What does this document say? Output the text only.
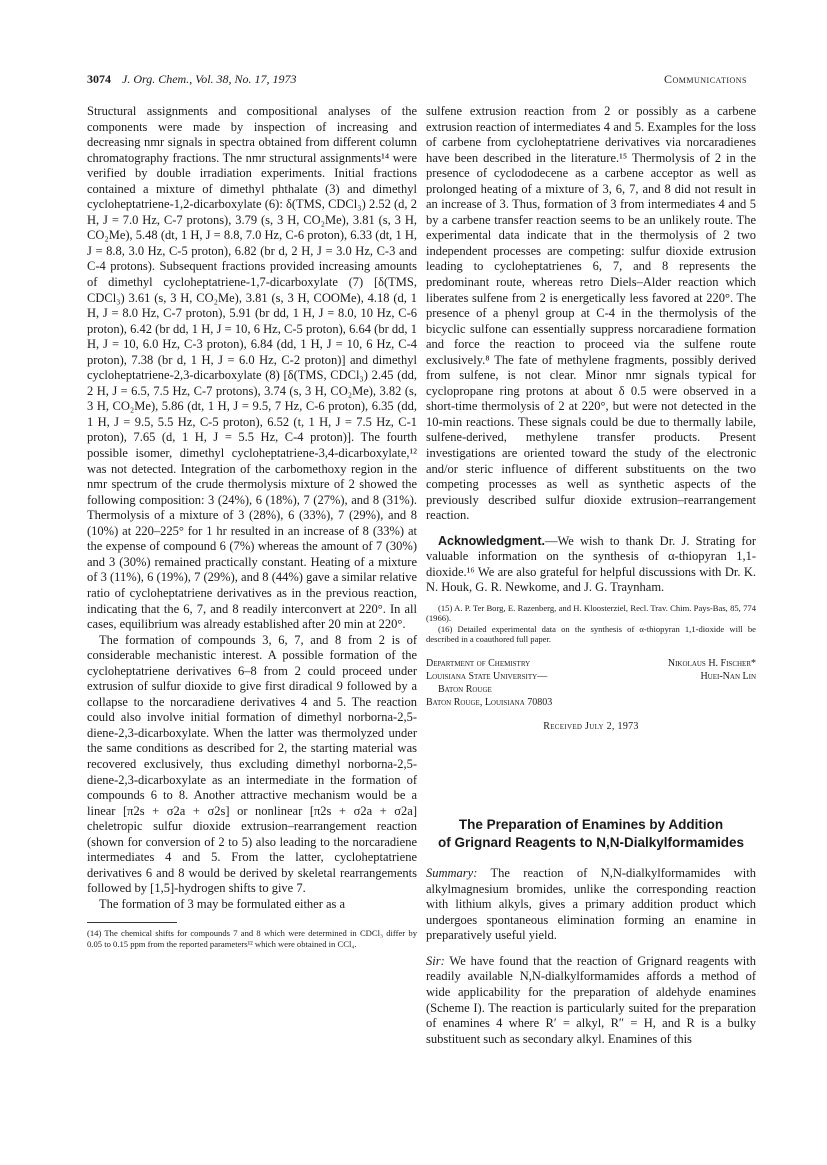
3074 J. Org. Chem., Vol. 38, No. 17, 1973	Communications

Structural assignments and compositional analyses of the components were made by inspection of increasing and decreasing nmr signals in spectra obtained from different column chromatography fractions. The nmr structural assignments¹⁴ were verified by double irradiation experiments. Initial fractions contained a mixture of dimethyl phthalate (3) and dimethyl cycloheptatriene-1,2-dicarboxylate (6): δ(TMS, CDCl₃) 2.52 (d, 2 H, J = 7.0 Hz, C-7 protons), 3.79 (s, 3 H, CO₂Me), 3.81 (s, 3 H, CO₂Me), 5.48 (dt, 1 H, J = 8.8, 7.0 Hz, C-6 proton), 6.33 (dt, 1 H, J = 8.8, 3.0 Hz, C-5 proton), 6.82 (br d, 2 H, J = 3.0 Hz, C-3 and C-4 protons). Subsequent fractions provided increasing amounts of dimethyl cycloheptatriene-1,7-dicarboxylate (7) [δ(TMS, CDCl₃) 3.61 (s, 3 H, CO₂Me), 3.81 (s, 3 H, COOMe), 4.18 (d, 1 H, J = 8.0 Hz, C-7 proton), 5.91 (br dd, 1 H, J = 8.0, 10 Hz, C-6 proton), 6.42 (br dd, 1 H, J = 10, 6 Hz, C-5 proton), 6.64 (br dd, 1 H, J = 10, 6.0 Hz, C-3 proton), 6.84 (dd, 1 H, J = 10, 6 Hz, C-4 proton), 7.38 (br d, 1 H, J = 6.0 Hz, C-2 proton)] and dimethyl cycloheptatriene-2,3-dicarboxylate (8) [δ(TMS, CDCl₃) 2.45 (dd, 2 H, J = 6.5, 7.5 Hz, C-7 protons), 3.74 (s, 3 H, CO₂Me), 3.82 (s, 3 H, CO₂Me), 5.86 (dt, 1 H, J = 9.5, 7 Hz, C-6 proton), 6.35 (dd, 1 H, J = 9.5, 5.5 Hz, C-5 proton), 6.52 (t, 1 H, J = 7.5 Hz, C-1 proton), 7.65 (d, 1 H, J = 5.5 Hz, C-4 proton)]. The fourth possible isomer, dimethyl cycloheptatriene-3,4-dicarboxylate,¹² was not detected. Integration of the carbomethoxy region in the nmr spectrum of the crude thermolysis mixture of 2 showed the following composition: 3 (24%), 6 (18%), 7 (27%), and 8 (31%). Thermolysis of a mixture of 3 (28%), 6 (33%), 7 (29%), and 8 (10%) at 220–225° for 1 hr resulted in an increase of 8 (33%) at the expense of compound 6 (7%) whereas the amount of 7 (30%) and 3 (30%) remained practically constant. Heating of a mixture of 3 (11%), 6 (19%), 7 (29%), and 8 (44%) gave a similar relative ratio of cycloheptatriene derivatives as in the previous reaction, indicating that the 6, 7, and 8 readily interconvert at 220°. In all cases, equilibrium was already established after 20 min at 220°.

The formation of compounds 3, 6, 7, and 8 from 2 is of considerable mechanistic interest. A possible formation of the cycloheptatriene derivatives 6–8 from 2 could proceed under extrusion of sulfur dioxide to give first diradical 9 followed by a collapse to the norcaradiene derivatives 4 and 5. The reaction could also involve initial formation of dimethyl norborna-2,5-diene-2,3-dicarboxylate. When the latter was thermolyzed under the same conditions as described for 2, the starting material was recovered exclusively, thus excluding dimethyl norborna-2,5-diene-2,3-dicarboxylate as an intermediate in the formation of compounds 6 to 8. Another attractive mechanism would be a linear [π2s + σ2a + σ2s] or nonlinear [π2s + σ2a + σ2a] cheletropic sulfur dioxide extrusion–rearrangement reaction (shown for conversion of 2 to 5) also leading to the norcaradiene intermediates 4 and 5. From the latter, cycloheptatriene derivatives 6 and 8 would be derived by skeletal rearrangements followed by [1,5]-hydrogen shifts to give 7.

The formation of 3 may be formulated either as a

(14) The chemical shifts for compounds 7 and 8 which were determined in CDCl₃ differ by 0.05 to 0.15 ppm from the reported parameters¹² which were obtained in CCl₄.

sulfene extrusion reaction from 2 or possibly as a carbene extrusion reaction of intermediates 4 and 5. Examples for the loss of carbene from cycloheptatriene derivatives via norcaradienes have been described in the literature.¹⁵ Thermolysis of 2 in the presence of cyclododecene as a carbene acceptor as well as prolonged heating of a mixture of 3, 6, 7, and 8 did not result in an increase of 3. Thus, formation of 3 from intermediates 4 and 5 by a carbene transfer reaction seems to be an unlikely route. The experimental data indicate that in the thermolysis of 2 two independent processes are competing: sulfur dioxide extrusion leading to cycloheptatrienes 6, 7, and 8 represents the predominant route, whereas retro Diels–Alder reaction which liberates sulfene from 2 is energetically less favored at 220°. The presence of a phenyl group at C-4 in the thermolysis of the bicyclic sulfone can essentially suppress norcaradiene formation and force the reaction to proceed via the sulfene route exclusively.⁸ The fate of methylene fragments, possibly derived from sulfene, is not clear. Minor nmr signals typical for cyclopropane ring protons at about δ 0.5 were observed in a short-time thermolysis of 2 at 220°, but were not detected in the 10-min reactions. These signals could be due to thermally labile, sulfene-derived, methylene transfer products. Present investigations are oriented toward the study of the electronic and/or steric influence of different substituents on the two competing processes as well as synthetic aspects of the previously described sulfur dioxide extrusion–rearrangement reaction.

Acknowledgment.—We wish to thank Dr. J. Strating for valuable information on the synthesis of α-thiopyran 1,1-dioxide.¹⁶ We are also grateful for helpful discussions with Dr. K. N. Houk, G. R. Newkome, and J. G. Traynham.

(15) A. P. Ter Borg, E. Razenberg, and H. Kloosterziel, Recl. Trav. Chim. Pays-Bas, 85, 774 (1966).

(16) Detailed experimental data on the synthesis of α-thiopyran 1,1-dioxide will be described in a coauthored full paper.

Department of Chemistry	Nikolaus H. Fischer*
Louisiana State University—	Huei-Nan Lin
Baton Rouge
Baton Rouge, Louisiana 70803
Received July 2, 1973
The Preparation of Enamines by Addition
of Grignard Reagents to N,N-Dialkylformamides

Summary: The reaction of N,N-dialkylformamides with alkylmagnesium bromides, unlike the corresponding reaction with lithium alkyls, gives a primary addition product which undergoes spontaneous elimination forming an enamine in preparatively useful yield.

Sir: We have found that the reaction of Grignard reagents with readily available N,N-dialkylformamides affords a method of wide applicability for the preparation of aldehyde enamines (Scheme I). The reaction is particularly suited for the preparation of enamines 4 where R′ = alkyl, R″ = H, and R is a bulky substituent such as secondary alkyl. Enamines of this
